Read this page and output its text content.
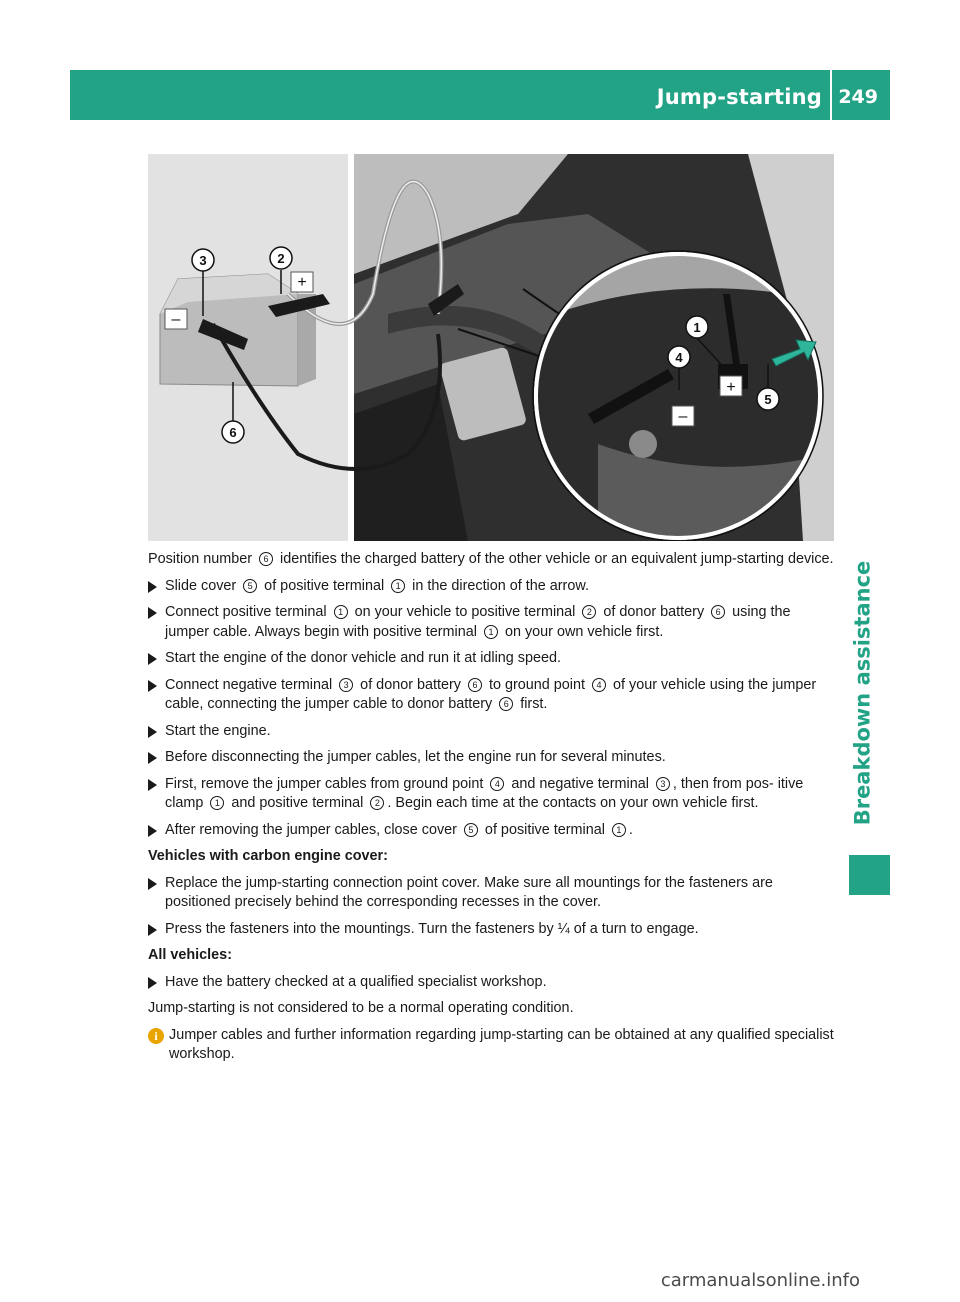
Jump-starting 249
Breakdown assistance
–
+
+
–
3	2
6
1
4
5

Position number 6 identifies the charged battery of the other vehicle or an equivalent jump-starting device.

Slide cover 5 of positive terminal 1 in the direction of the arrow.
Connect positive terminal 1 on your vehicle to positive terminal 2 of donor battery 6 using the jumper cable. Always begin with positive terminal 1 on your own vehicle first.
Start the engine of the donor vehicle and run it at idling speed.
Connect negative terminal 3 of donor battery 6 to ground point 4 of your vehicle using the jumper cable, connecting the jumper cable to donor battery 6 first.
Start the engine.
Before disconnecting the jumper cables, let the engine run for several minutes.
First, remove the jumper cables from ground point 4 and negative terminal 3 , then from pos- itive clamp 1 and positive terminal 2 . Begin each time at the contacts on your own vehicle first.
After removing the jumper cables, close cover 5 of positive terminal 1 .
Vehicles with carbon engine cover:
Replace the jump-starting connection point cover. Make sure all mountings for the fasteners are positioned precisely behind the corresponding recesses in the cover.
Press the fasteners into the mountings. Turn the fasteners by ¼ of a turn to engage.
All vehicles:
Have the battery checked at a qualified specialist workshop.

Jump-starting is not considered to be a normal operating condition.

i Jumper cables and further information regarding jump-starting can be obtained at any qualified specialist workshop.
carmanualsonline.info
